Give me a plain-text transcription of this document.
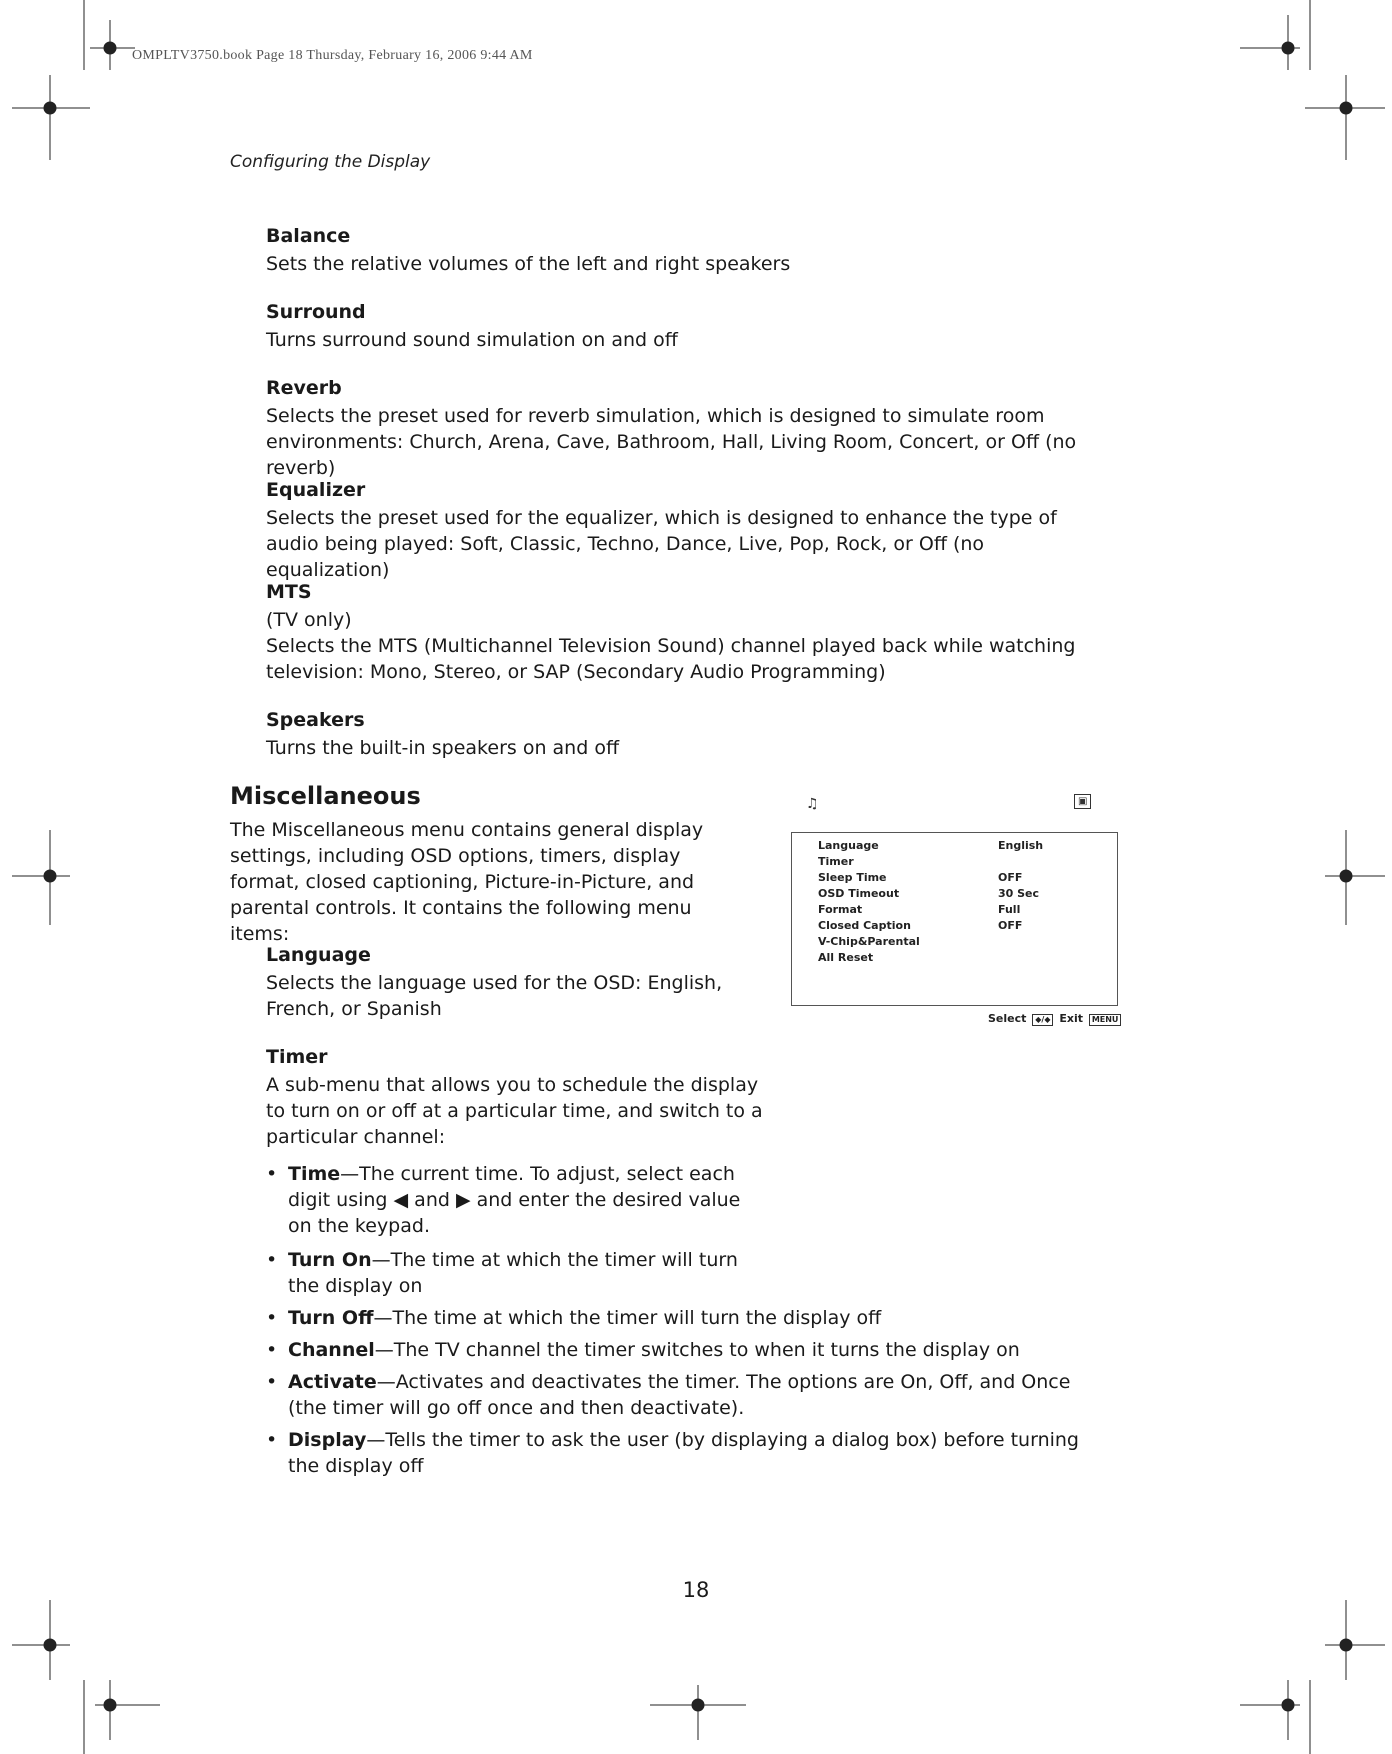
OMPLTV3750.book Page 18 Thursday, February 16, 2006 9:44 AM
Configuring the Display

Balance

Sets the relative volumes of the left and right speakers

Surround

Turns surround sound simulation on and off

Reverb

Selects the preset used for reverb simulation, which is designed to simulate room environments: Church, Arena, Cave, Bathroom, Hall, Living Room, Concert, or Off (no reverb)

Equalizer

Selects the preset used for the equalizer, which is designed to enhance the type of audio being played: Soft, Classic, Techno, Dance, Live, Pop, Rock, or Off (no equalization)

MTS

(TV only)

Selects the MTS (Multichannel Television Sound) channel played back while watching television: Mono, Stereo, or SAP (Secondary Audio Programming)

Speakers

Turns the built-in speakers on and off

Miscellaneous
The Miscellaneous menu contains general display settings, including OSD options, timers, display format, closed captioning, Picture-in-Picture, and parental controls. It contains the following menu items:

Language

Selects the language used for the OSD: English, French, or Spanish

Timer

A sub-menu that allows you to schedule the display to turn on or off at a particular time, and switch to a particular channel:

♫	▣
Language	English
Timer
Sleep Time	OFF
OSD Timeout	30 Sec
Format	Full
Closed Caption	OFF
V-Chip&Parental
All Reset
Select ◆/◆ Exit MENU
• Time—The current time. To adjust, select each digit using ◀ and ▶ and enter the desired value on the keypad.
• Turn On—The time at which the timer will turn the display on
• Turn Off—The time at which the timer will turn the display off
• Channel—The TV channel the timer switches to when it turns the display on
• Activate—Activates and deactivates the timer. The options are On, Off, and Once (the timer will go off once and then deactivate).
• Display—Tells the timer to ask the user (by displaying a dialog box) before turning the display off
18
